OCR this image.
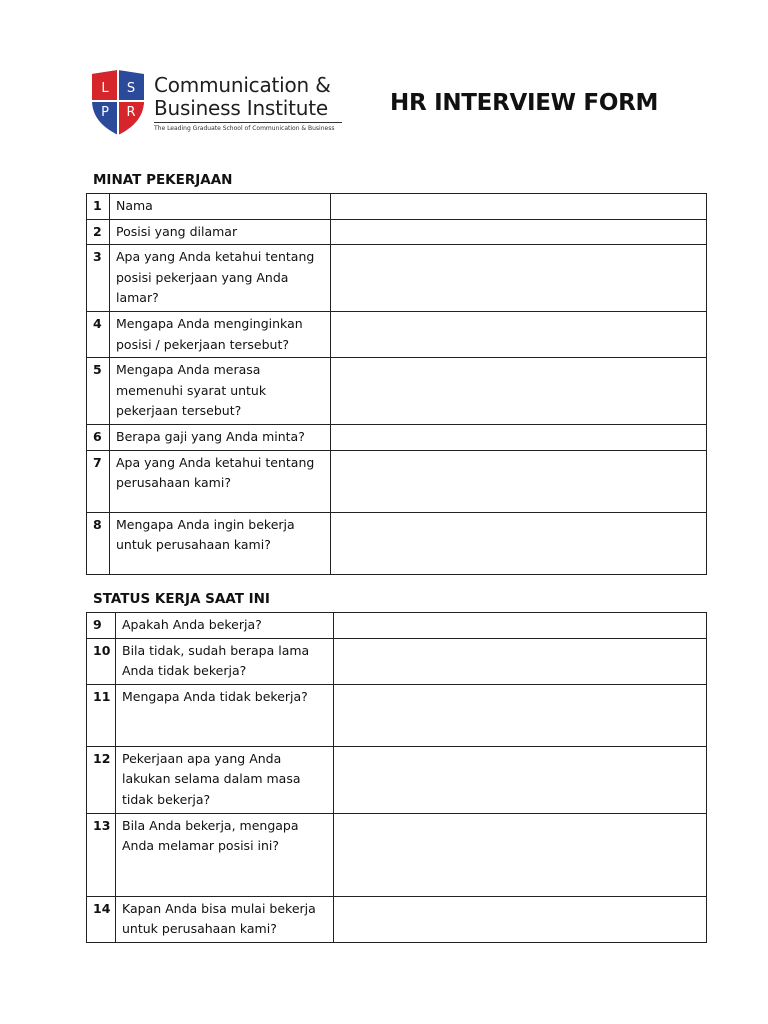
L S
P R
Communication &
Business Institute
The Leading Graduate School of Communication & Business
HR INTERVIEW FORM
MINAT PEKERJAAN
1	Nama	
2	Posisi yang dilamar	
3	Apa yang Anda ketahui tentang posisi pekerjaan yang Anda lamar?	
4	Mengapa Anda menginginkan posisi / pekerjaan tersebut?	
5	Mengapa Anda merasa memenuhi syarat untuk pekerjaan tersebut?	
6	Berapa gaji yang Anda minta?	
7	Apa yang Anda ketahui tentang perusahaan kami?	
8	Mengapa Anda ingin bekerja untuk perusahaan kami?	
STATUS KERJA SAAT INI
9	Apakah Anda bekerja?	
10	Bila tidak, sudah berapa lama Anda tidak bekerja?	
11	Mengapa Anda tidak bekerja?	
12	Pekerjaan apa yang Anda lakukan selama dalam masa tidak bekerja?	
13	Bila Anda bekerja, mengapa Anda melamar posisi ini?	
14	Kapan Anda bisa mulai bekerja untuk perusahaan kami?	
